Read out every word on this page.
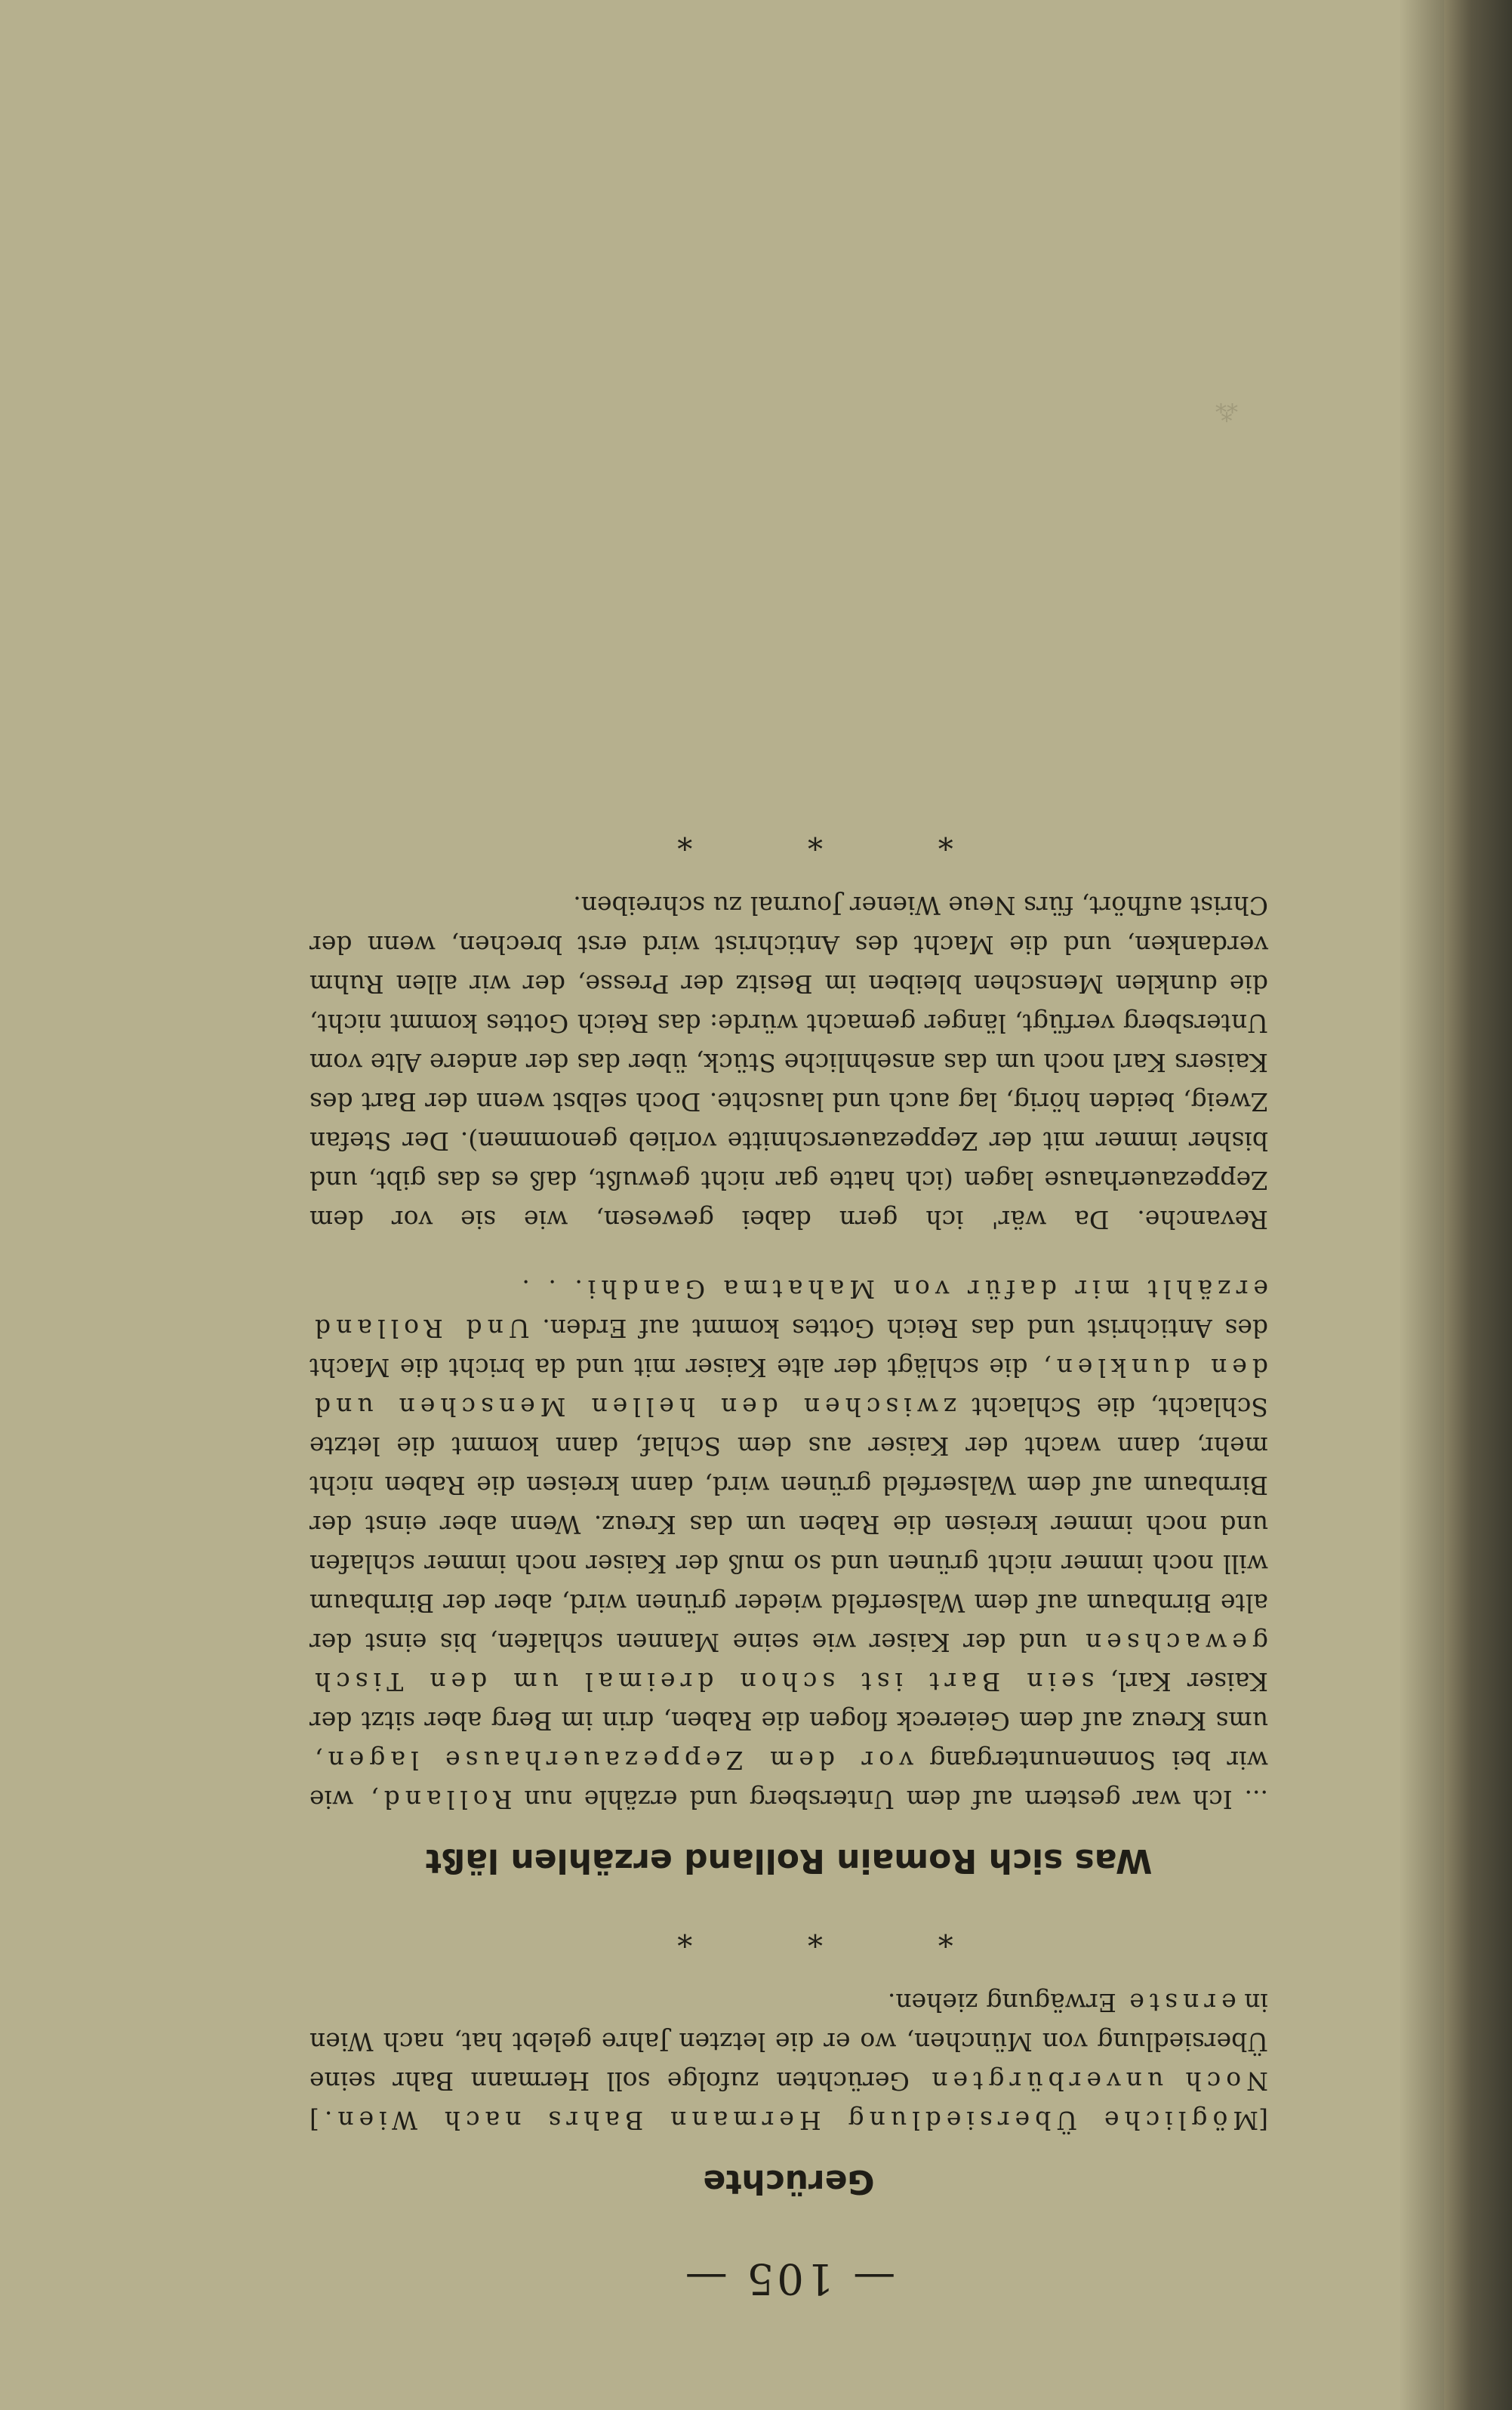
⁂
— 105 —
Gerüchte

[Mögliche Übersiedlung Hermann Bahrs nach Wien.] Noch unverbürgten Gerüchten zufolge soll Hermann Bahr seine Übersiedlung von München, wo er die letzten Jahre gelebt hat, nach Wien in ernste Erwägung ziehen.

* * *
Was sich Romain Rolland erzählen läßt

... Ich war gestern auf dem Untersberg und erzähle nun Rolland, wie wir bei Sonnenuntergang vor dem Zeppezauerhause lagen, ums Kreuz auf dem Geiereck flogen die Raben, drin im Berg aber sitzt der Kaiser Karl, sein Bart ist schon dreimal um den Tisch gewachsen und der Kaiser wie seine Mannen schlafen, bis einst der alte Birnbaum auf dem Walserfeld wieder grünen wird, aber der Birnbaum will noch immer nicht grünen und so muß der Kaiser noch immer schlafen und noch immer kreisen die Raben um das Kreuz. Wenn aber einst der Birnbaum auf dem Walserfeld grünen wird, dann kreisen die Raben nicht mehr, dann wacht der Kaiser aus dem Schlaf, dann kommt die letzte Schlacht, die Schlacht zwischen den hellen Menschen und den dunklen, die schlägt der alte Kaiser mit und da bricht die Macht des Antichrist und das Reich Gottes kommt auf Erden. Und Rolland erzählt mir dafür von Mahatma Gandhi. . .

Revanche. Da wär' ich gern dabei gewesen, wie sie vor dem Zeppezauerhause lagen (ich hatte gar nicht gewußt, daß es das gibt, und bisher immer mit der Zeppezauerschnitte vorlieb genommen). Der Stefan Zweig, beiden hörig, lag auch und lauschte. Doch selbst wenn der Bart des Kaisers Karl noch um das ansehnliche Stück, über das der andere Alte vom Untersberg verfügt, länger gemacht würde: das Reich Gottes kommt nicht, die dunklen Menschen bleiben im Besitz der Presse, der wir allen Ruhm verdanken, und die Macht des Antichrist wird erst brechen, wenn der Christ aufhört, fürs Neue Wiener Journal zu schreiben.

* * *
